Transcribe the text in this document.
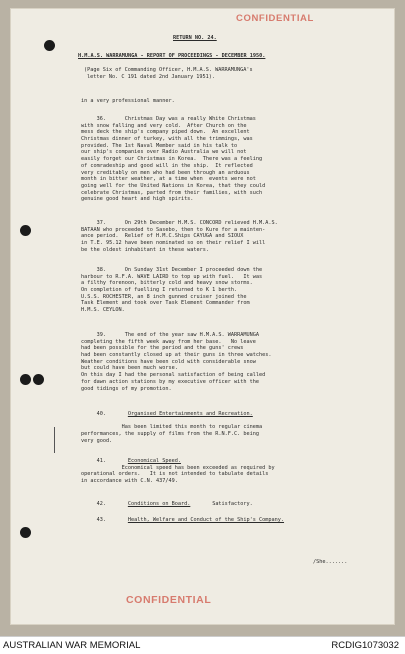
CONFIDENTIAL
RETURN NO. 24.
H.M.A.S. WARRAMUNGA - REPORT OF PROCEEDINGS - DECEMBER 1950.
(Page Six of Commanding Officer, H.M.A.S. WARRAMUNGA's
letter No. C 191 dated 2nd January 1951).
in a very professional manner.
36.      Christmas Day was a really White Christmas
with snow falling and very cold.  After Church on the
mess deck the ship's company piped down.  An excellent
Christmas dinner of turkey, with all the trimmings, was
provided. The 1st Naval Member said in his talk to
our ship's companies over Radio Australia we will not
easily forget our Christmas in Korea.  There was a feeling
of comradeship and good will in the ship.  It reflected
very creditably on men who had been through an arduous
month in bitter weather, at a time when  events were not
going well for the United Nations in Korea, that they could
celebrate Christmas, parted from their families, with such
genuine good heart and high spirits.
37.      On 29th December H.M.S. CONCORD relieved H.M.A.S.
BATAAN who proceeded to Sasebo, then to Kure for a mainten-
ance period.  Relief of H.M.C.Ships CAYUGA and SIOUX
in T.E. 95.12 have been nominated so on their relief I will
be the oldest inhabitant in these waters.
38.      On Sunday 31st December I proceeded down the
harbour to R.F.A. WAVE LAIRD to top up with fuel.   It was
a filthy forenoon, bitterly cold and heavy snow storms.
On completion of fuelling I returned to K 1 berth.
U.S.S. ROCHESTER, an 8 inch gunned cruiser joined the
Task Element and took over Task Element Commander from
H.M.S. CEYLON.
39.      The end of the year saw H.M.A.S. WARRAMUNGA
completing the fifth week away from her base.   No leave
had been possible for the period and the guns' crews
had been constantly closed up at their guns in three watches.
Weather conditions have been cold with considerable snow
but could have been much worse.
On this day I had the personal satisfaction of being called
for dawn action stations by my executive officer with the
good tidings of my promotion.
40.       Organised Entertainments and Recreation.
Has been limited this month to regular cinema
performances, the supply of films from the R.N.F.C. being
very good.
41.       Economical Speed.
Economical speed has been exceeded as required by
operational orders.   It is not intended to tabulate details
in accordance with C.N. 437/49.
42.       Conditions on Board.       Satisfactory.
43.       Health, Welfare and Conduct of the Ship's Company.
/She.......
CONFIDENTIAL
AUSTRALIAN WAR MEMORIAL	RCDIG1073032
